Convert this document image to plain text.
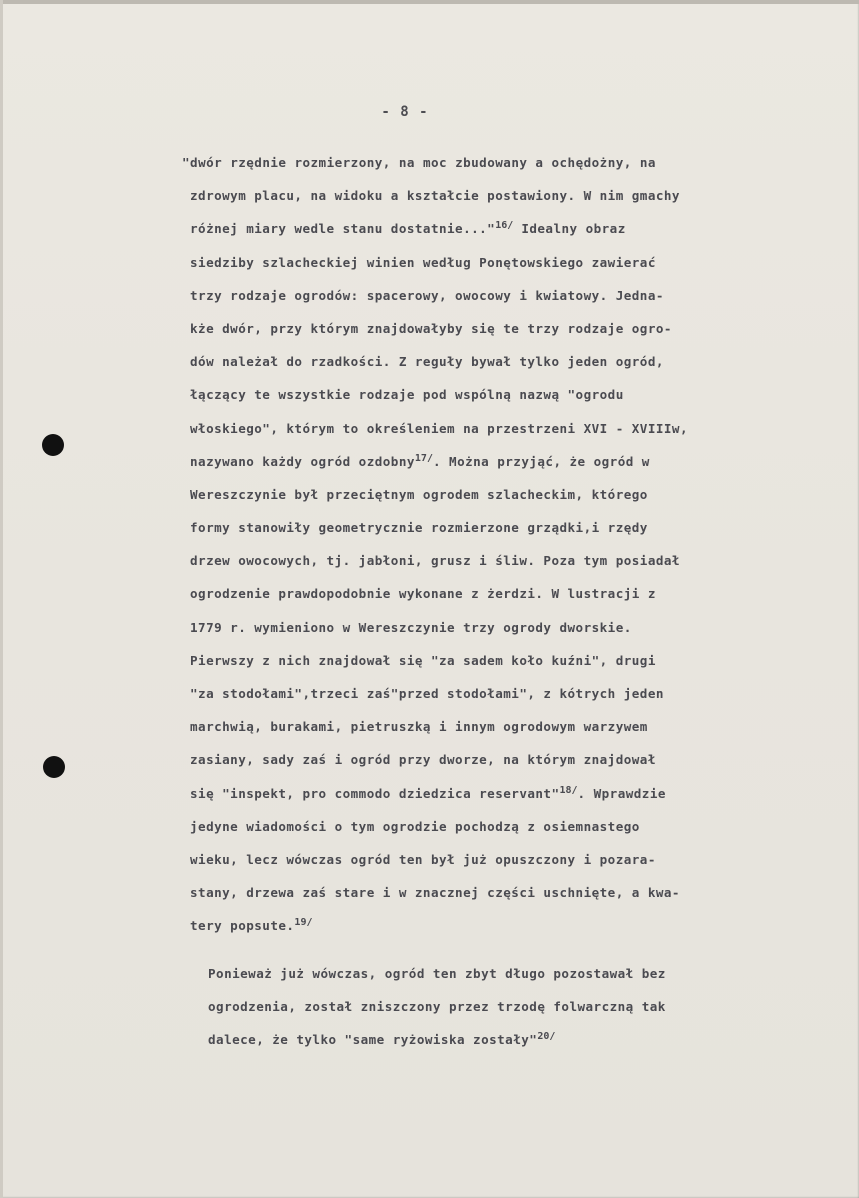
- 8 -
"dwór rzędnie rozmierzony, na moc zbudowany a ochędożny, na
zdrowym placu, na widoku a kształcie postawiony. W nim gmachy
różnej miary wedle stanu dostatnie..."$^{16/}$ Idealny obraz
siedziby szlacheckiej winien według Ponętowskiego zawierać
trzy rodzaje ogrodów: spacerowy, owocowy i kwiatowy. Jedna-
kże dwór, przy którym znajdowałyby się te trzy rodzaje ogro-
dów należał do rzadkości. Z reguły bywał tylko jeden ogród,
łączący te wszystkie rodzaje pod wspólną nazwą "ogrodu
włoskiego", którym to określeniem na przestrzeni XVI - XVIIIw,
nazywano każdy ogród ozdobny$^{17/}$. Można przyjąć, że ogród w
Wereszczynie był przeciętnym ogrodem szlacheckim, którego
formy stanowiły geometrycznie rozmierzone grządki,i rzędy
drzew owocowych, tj. jabłoni, grusz i śliw. Poza tym posiadał
ogrodzenie prawdopodobnie wykonane z żerdzi. W lustracji z
1779 r. wymieniono w Wereszczynie trzy ogrody dworskie.
Pierwszy z nich znajdował się "za sadem koło kuźni", drugi
"za stodołami",trzeci zaś"przed stodołami", z kótrych jeden
marchwią, burakami, pietruszką i innym ogrodowym warzywem
zasiany, sady zaś i ogród przy dworze, na którym znajdował
się "inspekt, pro commodo dziedzica reservant"$^{18/}$. Wprawdzie
jedyne wiadomości o tym ogrodzie pochodzą z osiemnastego
wieku, lecz wówczas ogród ten był już opuszczony i pozara-
stany, drzewa zaś stare i w znacznej części uschnięte, a kwa-
tery popsute.$^{19/}$
Ponieważ już wówczas, ogród ten zbyt długo pozostawał bez
ogrodzenia, został zniszczony przez trzodę folwarczną tak
dalece, że tylko "same ryżowiska zostały"$^{20/}$
